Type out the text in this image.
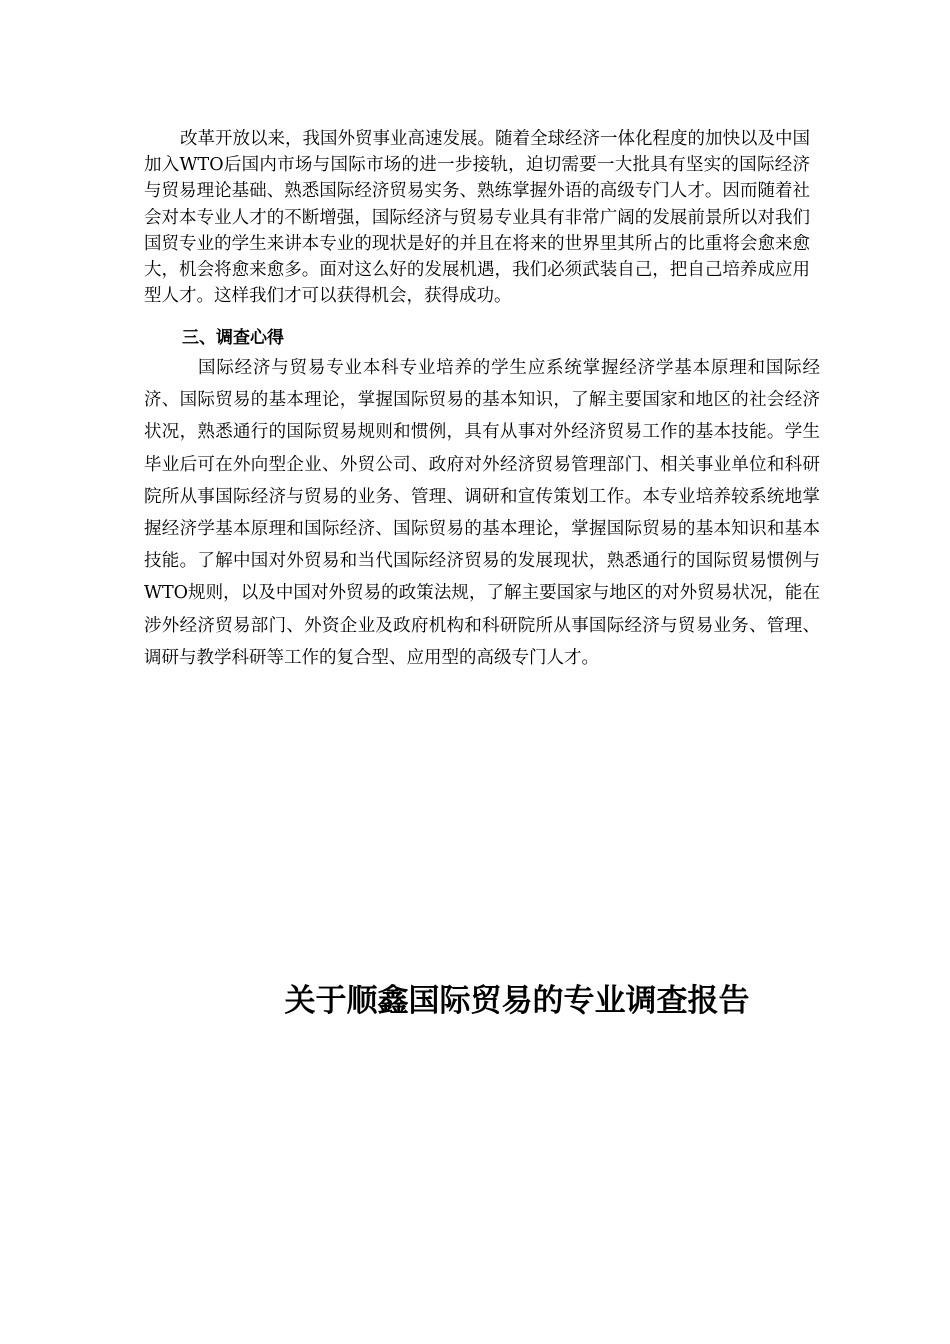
改革开放以来，我国外贸事业高速发展。随着全球经济一体化程度的加快以及中国加入WTO后国内市场与国际市场的进一步接轨，迫切需要一大批具有坚实的国际经济与贸易理论基础、熟悉国际经济贸易实务、熟练掌握外语的高级专门人才。因而随着社会对本专业人才的不断增强，国际经济与贸易专业具有非常广阔的发展前景所以对我们国贸专业的学生来讲本专业的现状是好的并且在将来的世界里其所占的比重将会愈来愈大，机会将愈来愈多。面对这么好的发展机遇，我们必须武装自己，把自己培养成应用型人才。这样我们才可以获得机会，获得成功。

三、调查心得

国际经济与贸易专业本科专业培养的学生应系统掌握经济学基本原理和国际经济、国际贸易的基本理论，掌握国际贸易的基本知识，了解主要国家和地区的社会经济状况，熟悉通行的国际贸易规则和惯例，具有从事对外经济贸易工作的基本技能。学生毕业后可在外向型企业、外贸公司、政府对外经济贸易管理部门、相关事业单位和科研院所从事国际经济与贸易的业务、管理、调研和宣传策划工作。本专业培养较系统地掌握经济学基本原理和国际经济、国际贸易的基本理论，掌握国际贸易的基本知识和基本技能。了解中国对外贸易和当代国际经济贸易的发展现状，熟悉通行的国际贸易惯例与WTO规则，以及中国对外贸易的政策法规，了解主要国家与地区的对外贸易状况，能在涉外经济贸易部门、外资企业及政府机构和科研院所从事国际经济与贸易业务、管理、调研与教学科研等工作的复合型、应用型的高级专门人才。

关于顺鑫国际贸易的专业调查报告
